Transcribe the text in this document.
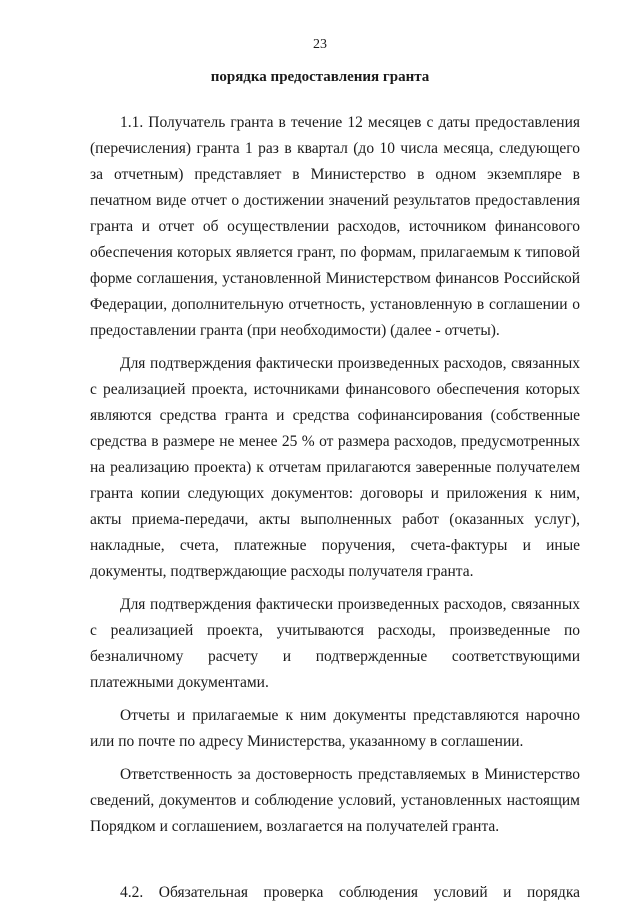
23
порядка предоставления гранта

1.1. Получатель гранта в течение 12 месяцев с даты предоставления (перечисления) гранта 1 раз в квартал (до 10 числа месяца, следующего за отчетным) представляет в Министерство в одном экземпляре в печатном виде отчет о достижении значений результатов предоставления гранта и отчет об осуществлении расходов, источником финансового обеспечения которых является грант, по формам, прилагаемым к типовой форме соглашения, установленной Министерством финансов Российской Федерации, дополнительную отчетность, установленную в соглашении о предоставлении гранта (при необходимости) (далее - отчеты).

Для подтверждения фактически произведенных расходов, связанных с реализацией проекта, источниками финансового обеспечения которых являются средства гранта и средства софинансирования (собственные средства в размере не менее 25 % от размера расходов, предусмотренных на реализацию проекта) к отчетам прилагаются заверенные получателем гранта копии следующих документов: договоры и приложения к ним, акты приема-передачи, акты выполненных работ (оказанных услуг), накладные, счета, платежные поручения, счета-фактуры и иные документы, подтверждающие расходы получателя гранта.

Для подтверждения фактически произведенных расходов, связанных с реализацией проекта, учитываются расходы, произведенные по безналичному расчету и подтвержденные соответствующими платежными документами.

Отчеты и прилагаемые к ним документы представляются нарочно или по почте по адресу Министерства, указанному в соглашении.

Ответственность за достоверность представляемых в Министерство сведений, документов и соблюдение условий, установленных настоящим Порядком и соглашением, возлагается на получателей гранта.

4.2. Обязательная проверка соблюдения условий и порядка
